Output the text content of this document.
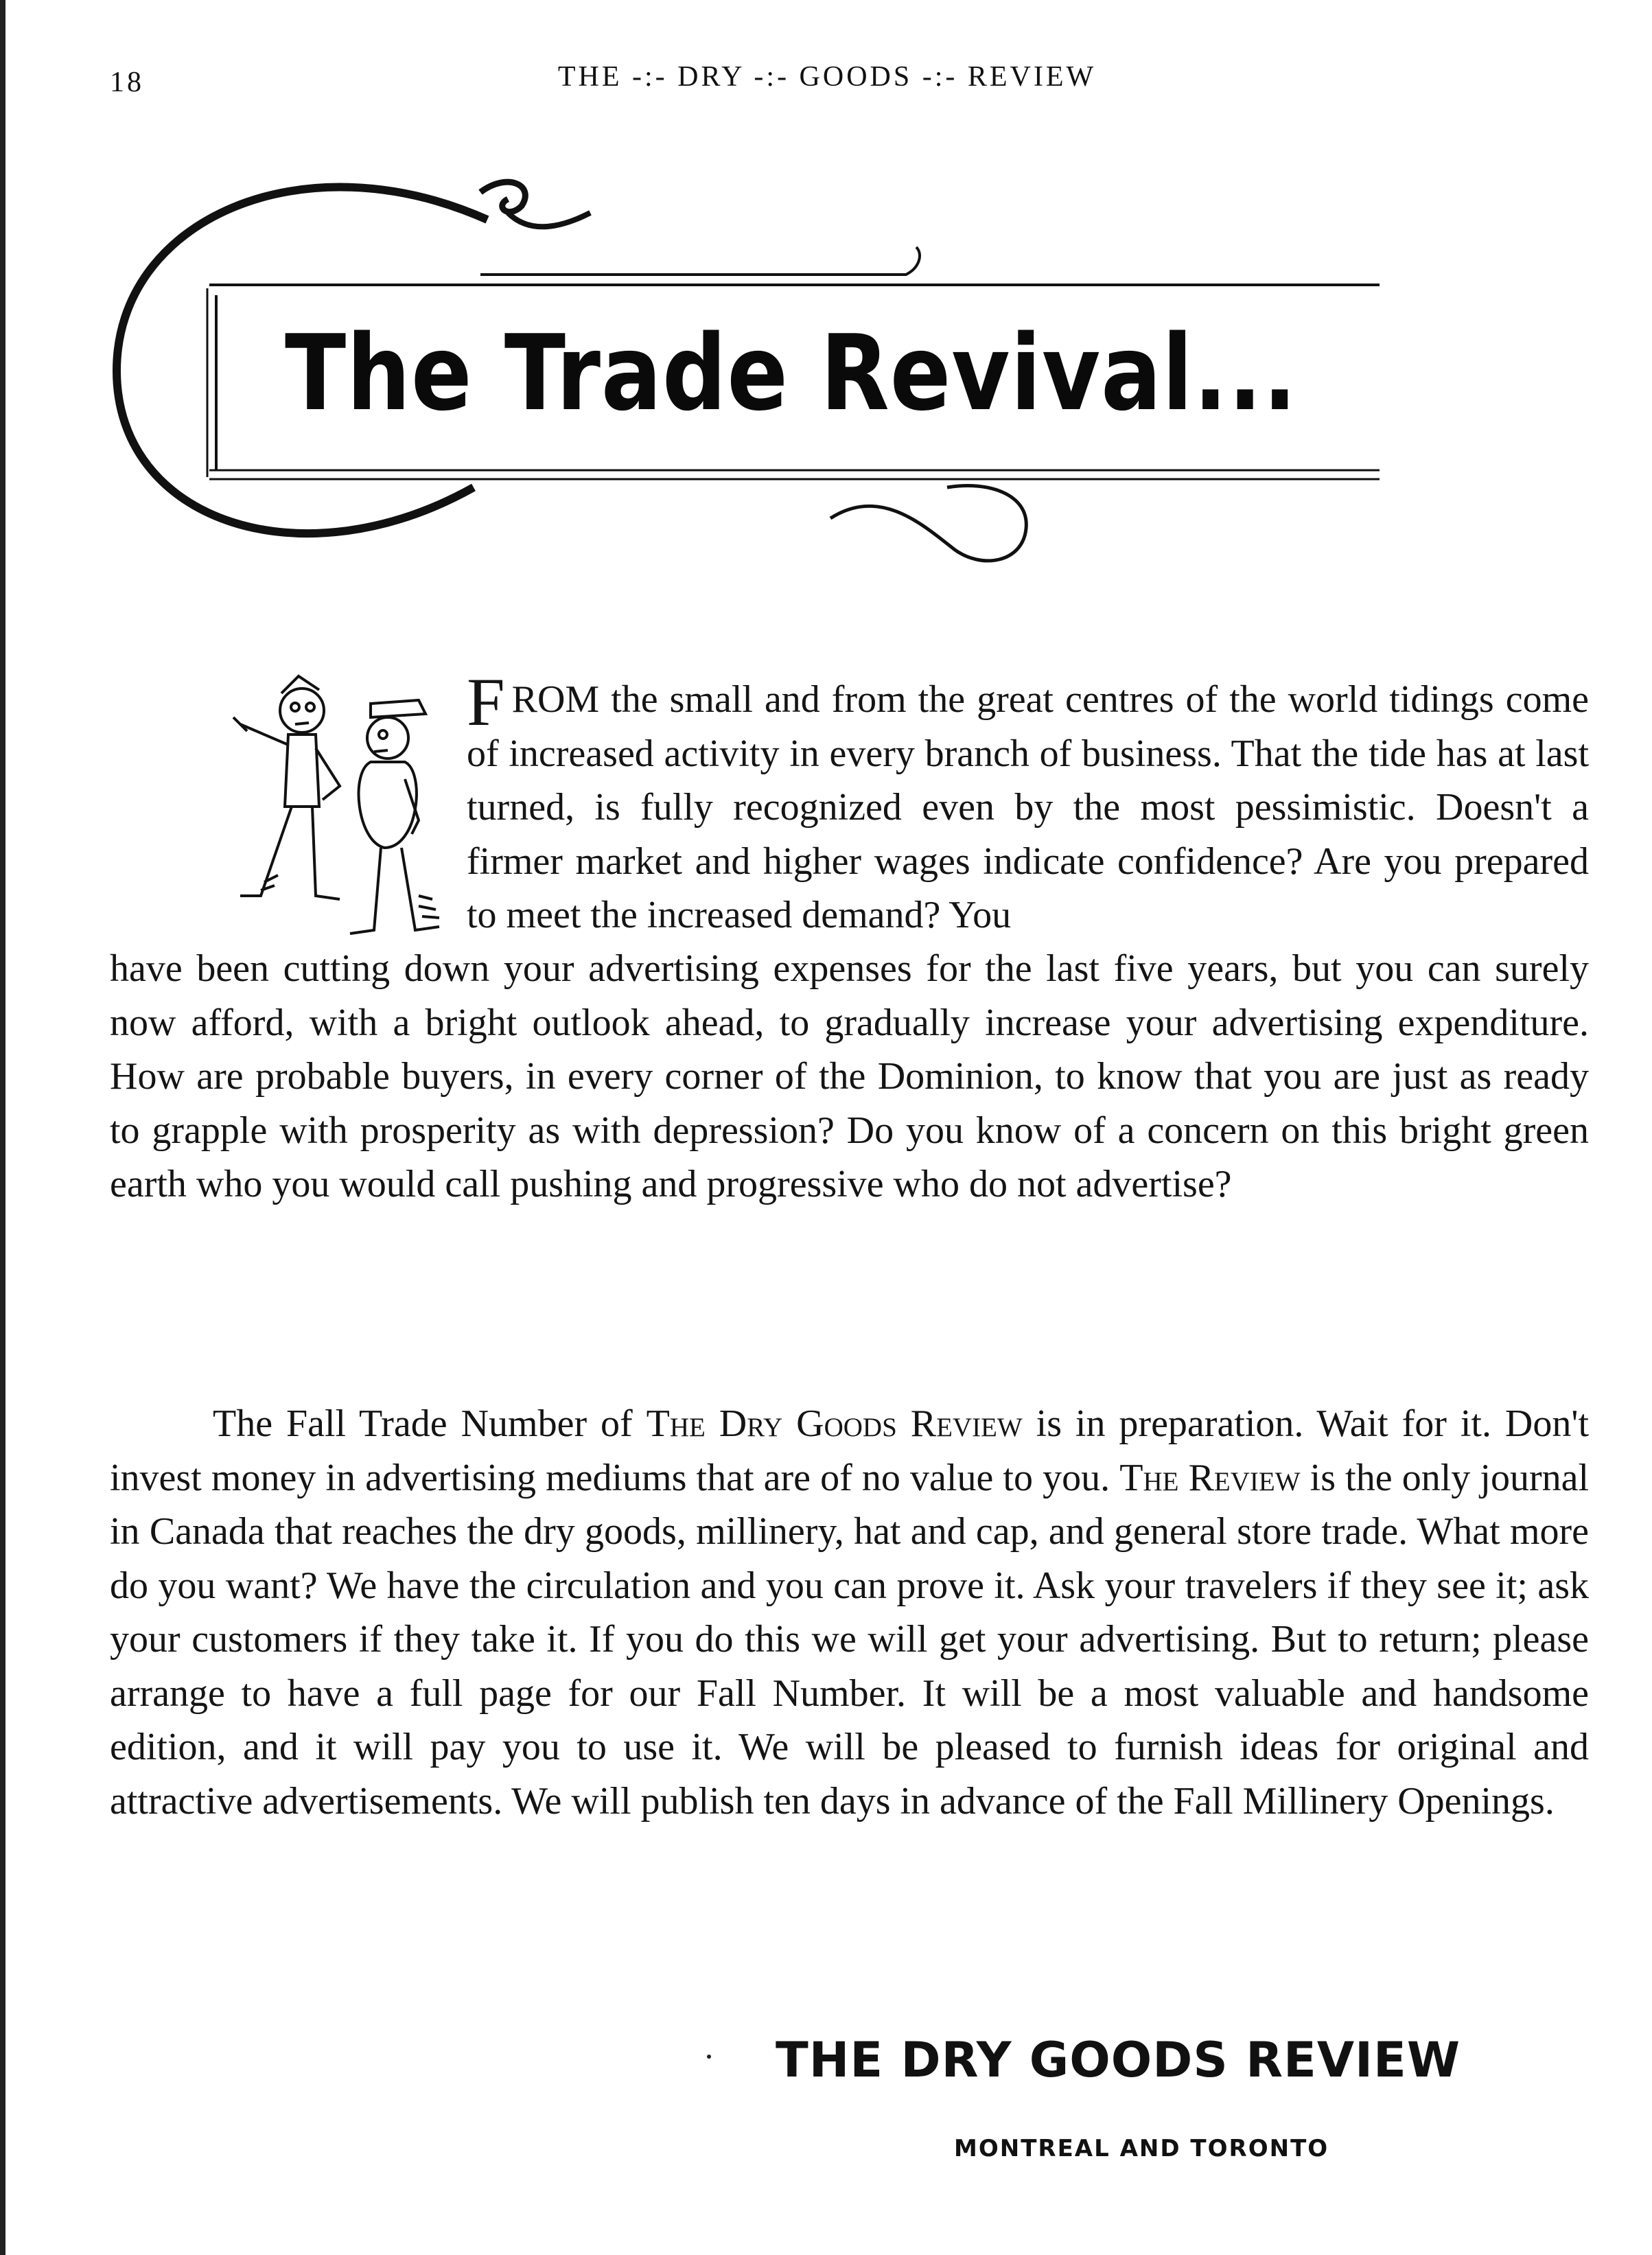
18	THE -:- DRY -:- GOODS -:- REVIEW
The Trade Revival...
FROM the small and from the great centres of the world tidings come of increased activity in every branch of business. That the tide has at last turned, is fully recognized even by the most pessimistic. Doesn't a firmer market and higher wages indicate confidence? Are you prepared to meet the increased demand? You
have been cutting down your advertising expenses for the last five years, but you can surely now afford, with a bright outlook ahead, to gradually increase your advertising expenditure. How are probable buyers, in every corner of the Dominion, to know that you are just as ready to grapple with prosperity as with depression? Do you know of a concern on this bright green earth who you would call pushing and progressive who do not advertise?
The Fall Trade Number of The Dry Goods Review is in preparation. Wait for it. Don't invest money in advertising mediums that are of no value to you. The Review is the only journal in Canada that reaches the dry goods, millinery, hat and cap, and general store trade. What more do you want? We have the circulation and you can prove it. Ask your travelers if they see it; ask your customers if they take it. If you do this we will get your advertising. But to return; please arrange to have a full page for our Fall Number. It will be a most valuable and handsome edition, and it will pay you to use it. We will be pleased to furnish ideas for original and attractive advertisements. We will publish ten days in advance of the Fall Millinery Openings.
THE DRY GOODS REVIEW
MONTREAL AND TORONTO
